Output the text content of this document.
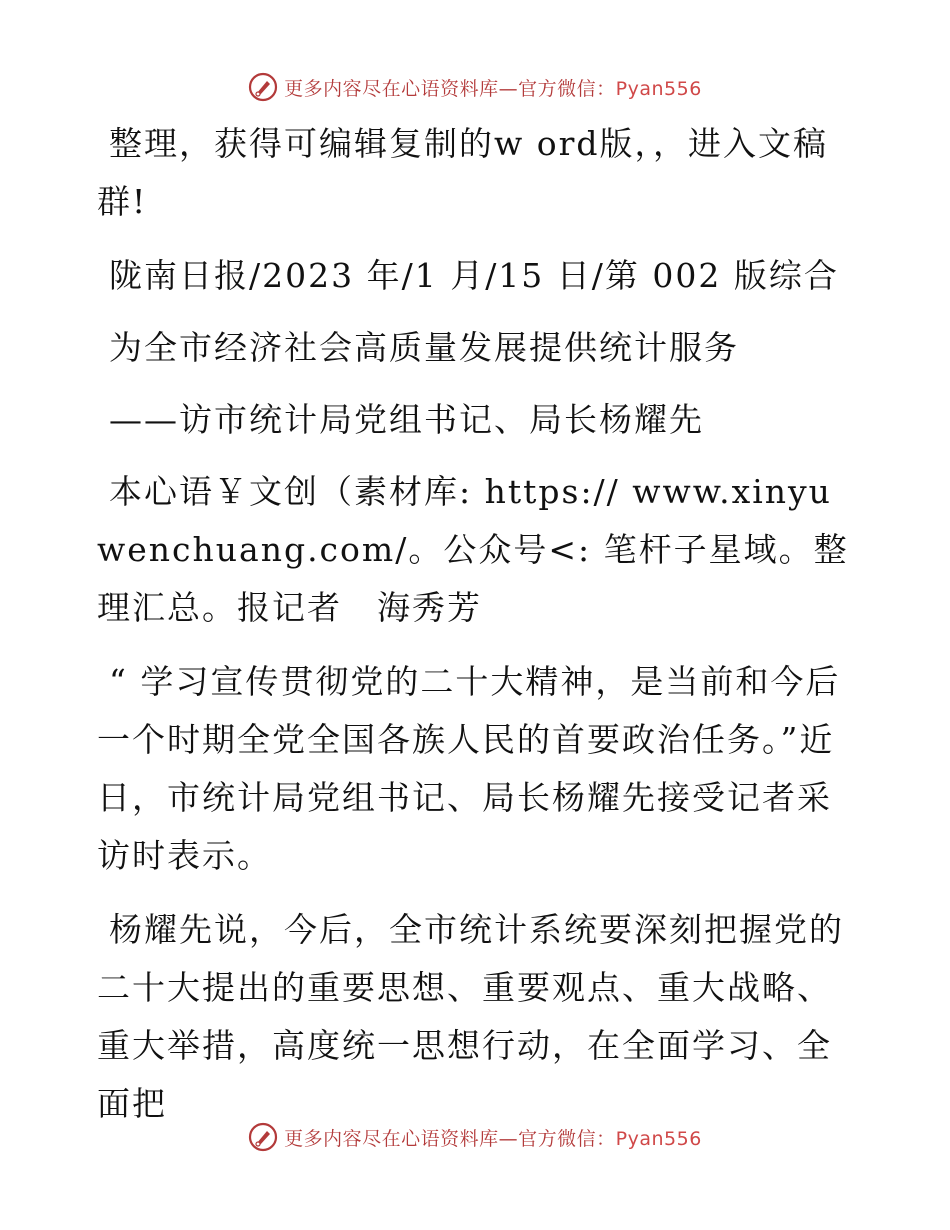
更多内容尽在心语资料库—官方微信：Pyan556

整理，获得可编辑复制的w ord版，，进入文稿群!

陇南日报/2023 年/1 月/15 日/第 002 版综合

为全市经济社会高质量发展提供统计服务

——访市统计局党组书记、局长杨耀先

本心语￥文创（素材库: https:// www.xinyuwenchuang.com/。公众号<: 笔杆子星域。整理汇总。报记者　海秀芳

“ 学习宣传贯彻党的二十大精神，是当前和今后一个时期全党全国各族人民的首要政治任务。”近日，市统计局党组书记、局长杨耀先接受记者采访时表示。

杨耀先说，今后，全市统计系统要深刻把握党的二十大提出的重要思想、重要观点、重大战略、重大举措，高度统一思想行动，在全面学习、全面把

更多内容尽在心语资料库—官方微信：Pyan556
